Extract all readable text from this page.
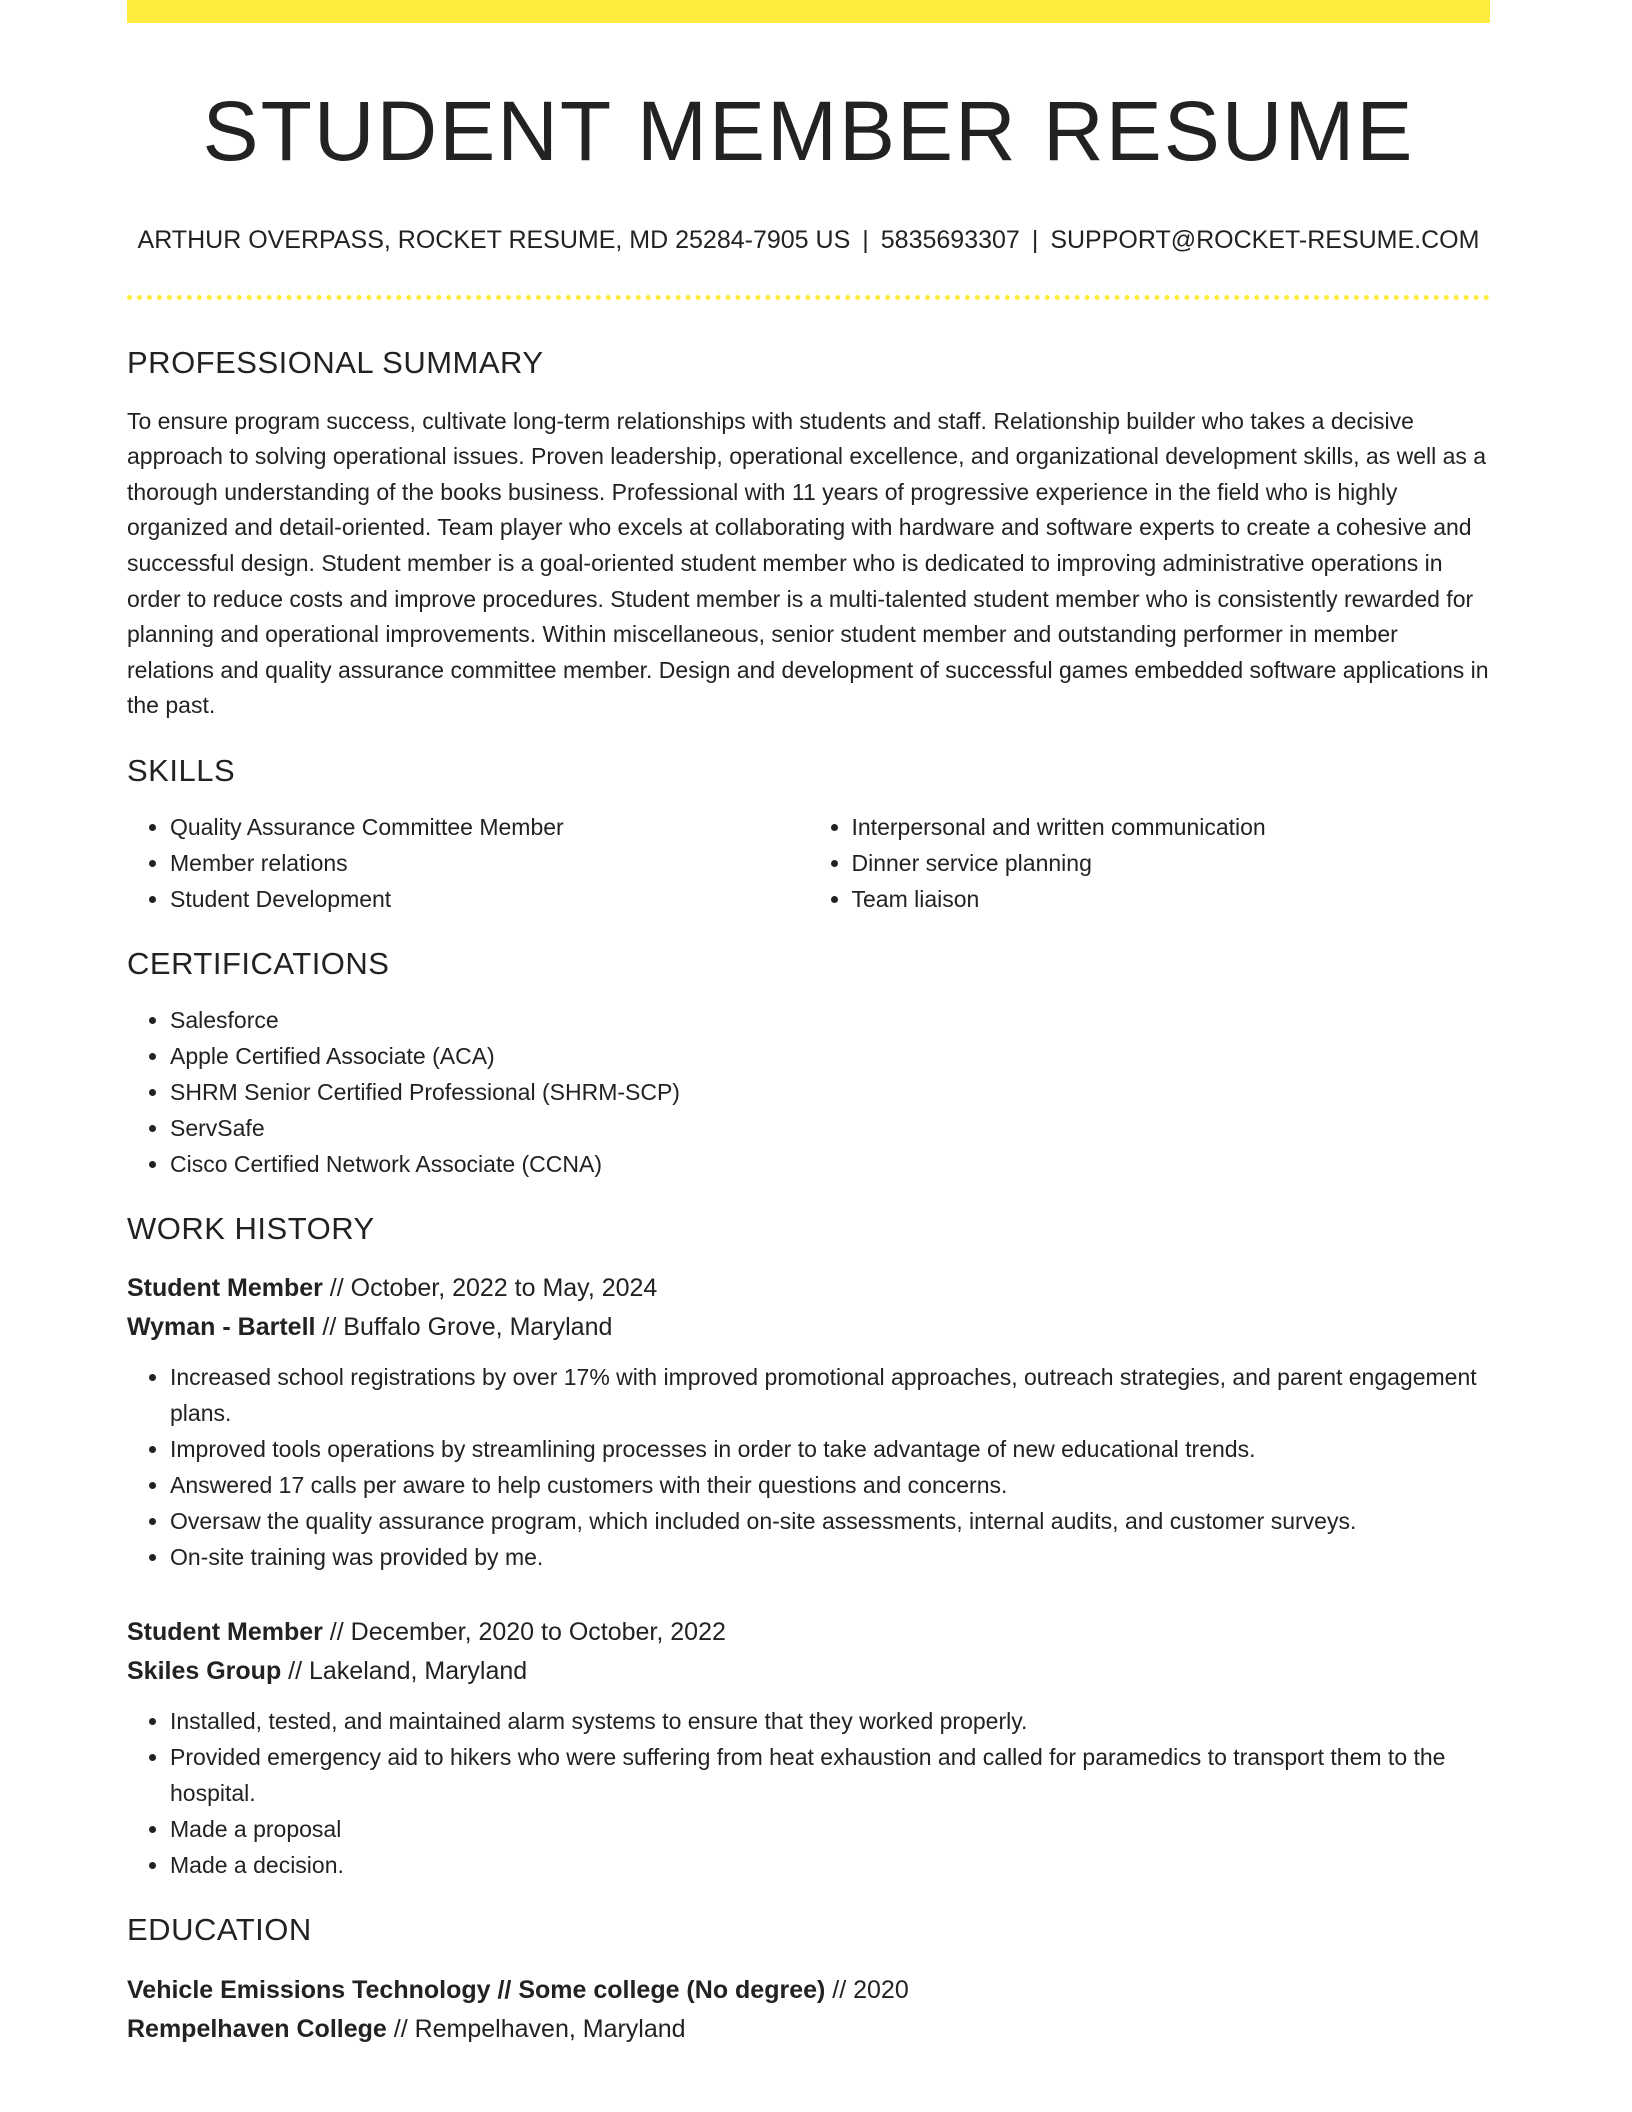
STUDENT MEMBER RESUME
ARTHUR OVERPASS, ROCKET RESUME, MD 25284-7905 US | 5835693307 | SUPPORT@ROCKET-RESUME.COM
PROFESSIONAL SUMMARY

To ensure program success, cultivate long-term relationships with students and staff. Relationship builder who takes a decisive approach to solving operational issues. Proven leadership, operational excellence, and organizational development skills, as well as a thorough understanding of the books business. Professional with 11 years of progressive experience in the field who is highly organized and detail-oriented. Team player who excels at collaborating with hardware and software experts to create a cohesive and successful design. Student member is a goal-oriented student member who is dedicated to improving administrative operations in order to reduce costs and improve procedures. Student member is a multi-talented student member who is consistently rewarded for planning and operational improvements. Within miscellaneous, senior student member and outstanding performer in member relations and quality assurance committee member. Design and development of successful games embedded software applications in the past.

SKILLS
• Quality Assurance Committee Member
• Member relations
• Student Development
• Interpersonal and written communication
• Dinner service planning
• Team liaison
CERTIFICATIONS
• Salesforce
• Apple Certified Associate (ACA)
• SHRM Senior Certified Professional (SHRM-SCP)
• ServSafe
• Cisco Certified Network Associate (CCNA)
WORK HISTORY

Student Member // October, 2022 to May, 2024

Wyman - Bartell // Buffalo Grove, Maryland

• Increased school registrations by over 17% with improved promotional approaches, outreach strategies, and parent engagement plans.
• Improved tools operations by streamlining processes in order to take advantage of new educational trends.
• Answered 17 calls per aware to help customers with their questions and concerns.
• Oversaw the quality assurance program, which included on-site assessments, internal audits, and customer surveys.
• On-site training was provided by me.

Student Member // December, 2020 to October, 2022

Skiles Group // Lakeland, Maryland

• Installed, tested, and maintained alarm systems to ensure that they worked properly.
• Provided emergency aid to hikers who were suffering from heat exhaustion and called for paramedics to transport them to the hospital.
• Made a proposal
• Made a decision.
EDUCATION

Vehicle Emissions Technology // Some college (No degree) // 2020

Rempelhaven College // Rempelhaven, Maryland
